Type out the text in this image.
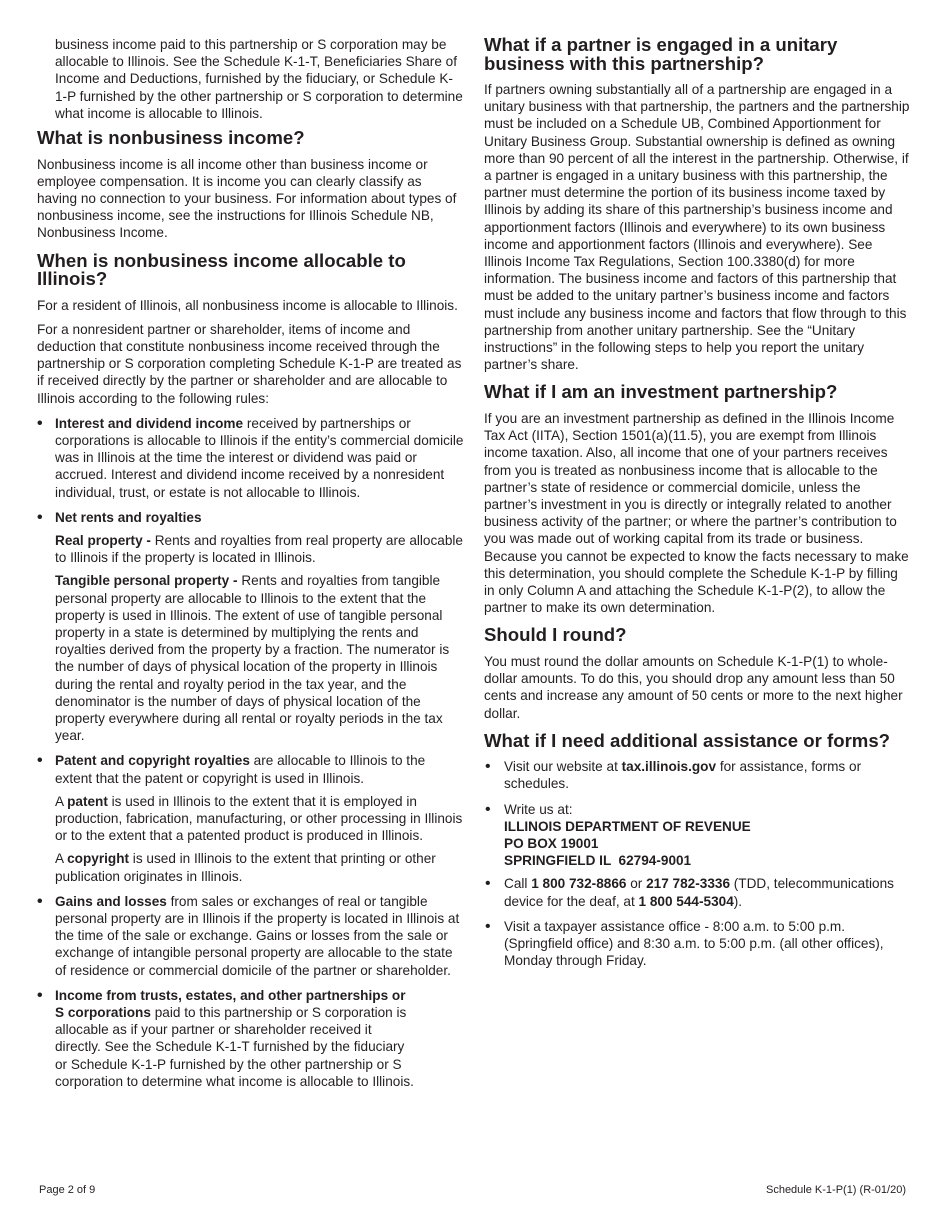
business income paid to this partnership or S corporation may be allocable to Illinois. See the Schedule K-1-T, Beneficiaries Share of Income and Deductions, furnished by the fiduciary, or Schedule K-1-P furnished by the other partnership or S corporation to determine what income is allocable to Illinois.

What is nonbusiness income?

Nonbusiness income is all income other than business income or employee compensation. It is income you can clearly classify as having no connection to your business. For information about types of nonbusiness income, see the instructions for Illinois Schedule NB, Nonbusiness Income.

When is nonbusiness income allocable to Illinois?

For a resident of Illinois, all nonbusiness income is allocable to Illinois.

For a nonresident partner or shareholder, items of income and deduction that constitute nonbusiness income received through the partnership or S corporation completing Schedule K-1-P are treated as if received directly by the partner or shareholder and are allocable to Illinois according to the following rules:

• Interest and dividend income received by partnerships or corporations is allocable to Illinois if the entity’s commercial domicile was in Illinois at the time the interest or dividend was paid or accrued. Interest and dividend income received by a nonresident individual, trust, or estate is not allocable to Illinois.

• Net rents and royalties

Real property - Rents and royalties from real property are allocable to Illinois if the property is located in Illinois.

Tangible personal property - Rents and royalties from tangible personal property are allocable to Illinois to the extent that the property is used in Illinois. The extent of use of tangible personal property in a state is determined by multiplying the rents and royalties derived from the property by a fraction. The numerator is the number of days of physical location of the property in Illinois during the rental and royalty period in the tax year, and the denominator is the number of days of physical location of the property everywhere during all rental or royalty periods in the tax year.

• Patent and copyright royalties are allocable to Illinois to the extent that the patent or copyright is used in Illinois.

A patent is used in Illinois to the extent that it is employed in production, fabrication, manufacturing, or other processing in Illinois or to the extent that a patented product is produced in Illinois.

A copyright is used in Illinois to the extent that printing or other publication originates in Illinois.

• Gains and losses from sales or exchanges of real or tangible personal property are in Illinois if the property is located in Illinois at the time of the sale or exchange. Gains or losses from the sale or exchange of intangible personal property are allocable to the state of residence or commercial domicile of the partner or shareholder.

• Income from trusts, estates, and other partnerships or S corporations paid to this partnership or S corporation is allocable as if your partner or shareholder received it directly. See the Schedule K-1-T furnished by the fiduciary or Schedule K-1-P furnished by the other partnership or S corporation to determine what income is allocable to Illinois.

What if a partner is engaged in a unitary business with this partnership?

If partners owning substantially all of a partnership are engaged in a unitary business with that partnership, the partners and the partnership must be included on a Schedule UB, Combined Apportionment for Unitary Business Group. Substantial ownership is defined as owning more than 90 percent of all the interest in the partnership. Otherwise, if a partner is engaged in a unitary business with this partnership, the partner must determine the portion of its business income taxed by Illinois by adding its share of this partnership’s business income and apportionment factors (Illinois and everywhere) to its own business income and apportionment factors (Illinois and everywhere). See Illinois Income Tax Regulations, Section 100.3380(d) for more information. The business income and factors of this partnership that must be added to the unitary partner’s business income and factors must include any business income and factors that flow through to this partnership from another unitary partnership. See the “Unitary instructions” in the following steps to help you report the unitary partner’s share.

What if I am an investment partnership?

If you are an investment partnership as defined in the Illinois Income Tax Act (IITA), Section 1501(a)(11.5), you are exempt from Illinois income taxation. Also, all income that one of your partners receives from you is treated as nonbusiness income that is allocable to the partner’s state of residence or commercial domicile, unless the partner’s investment in you is directly or integrally related to another business activity of the partner; or where the partner’s contribution to you was made out of working capital from its trade or business. Because you cannot be expected to know the facts necessary to make this determination, you should complete the Schedule K-1-P by filling in only Column A and attaching the Schedule K-1-P(2), to allow the partner to make its own determination.

Should I round?

You must round the dollar amounts on Schedule K-1-P(1) to whole-dollar amounts. To do this, you should drop any amount less than 50 cents and increase any amount of 50 cents or more to the next higher dollar.

What if I need additional assistance or forms?
• Visit our website at tax.illinois.gov for assistance, forms or schedules.

• Write us at:
ILLINOIS DEPARTMENT OF REVENUE
PO BOX 19001
SPRINGFIELD IL  62794-9001

• Call 1 800 732-8866 or 217 782-3336 (TDD, telecommunications device for the deaf, at 1 800 544-5304).

• Visit a taxpayer assistance office - 8:00 a.m. to 5:00 p.m. (Springfield office) and 8:30 a.m. to 5:00 p.m. (all other offices), Monday through Friday.

Page 2 of 9	Schedule K-1-P(1) (R-01/20)
